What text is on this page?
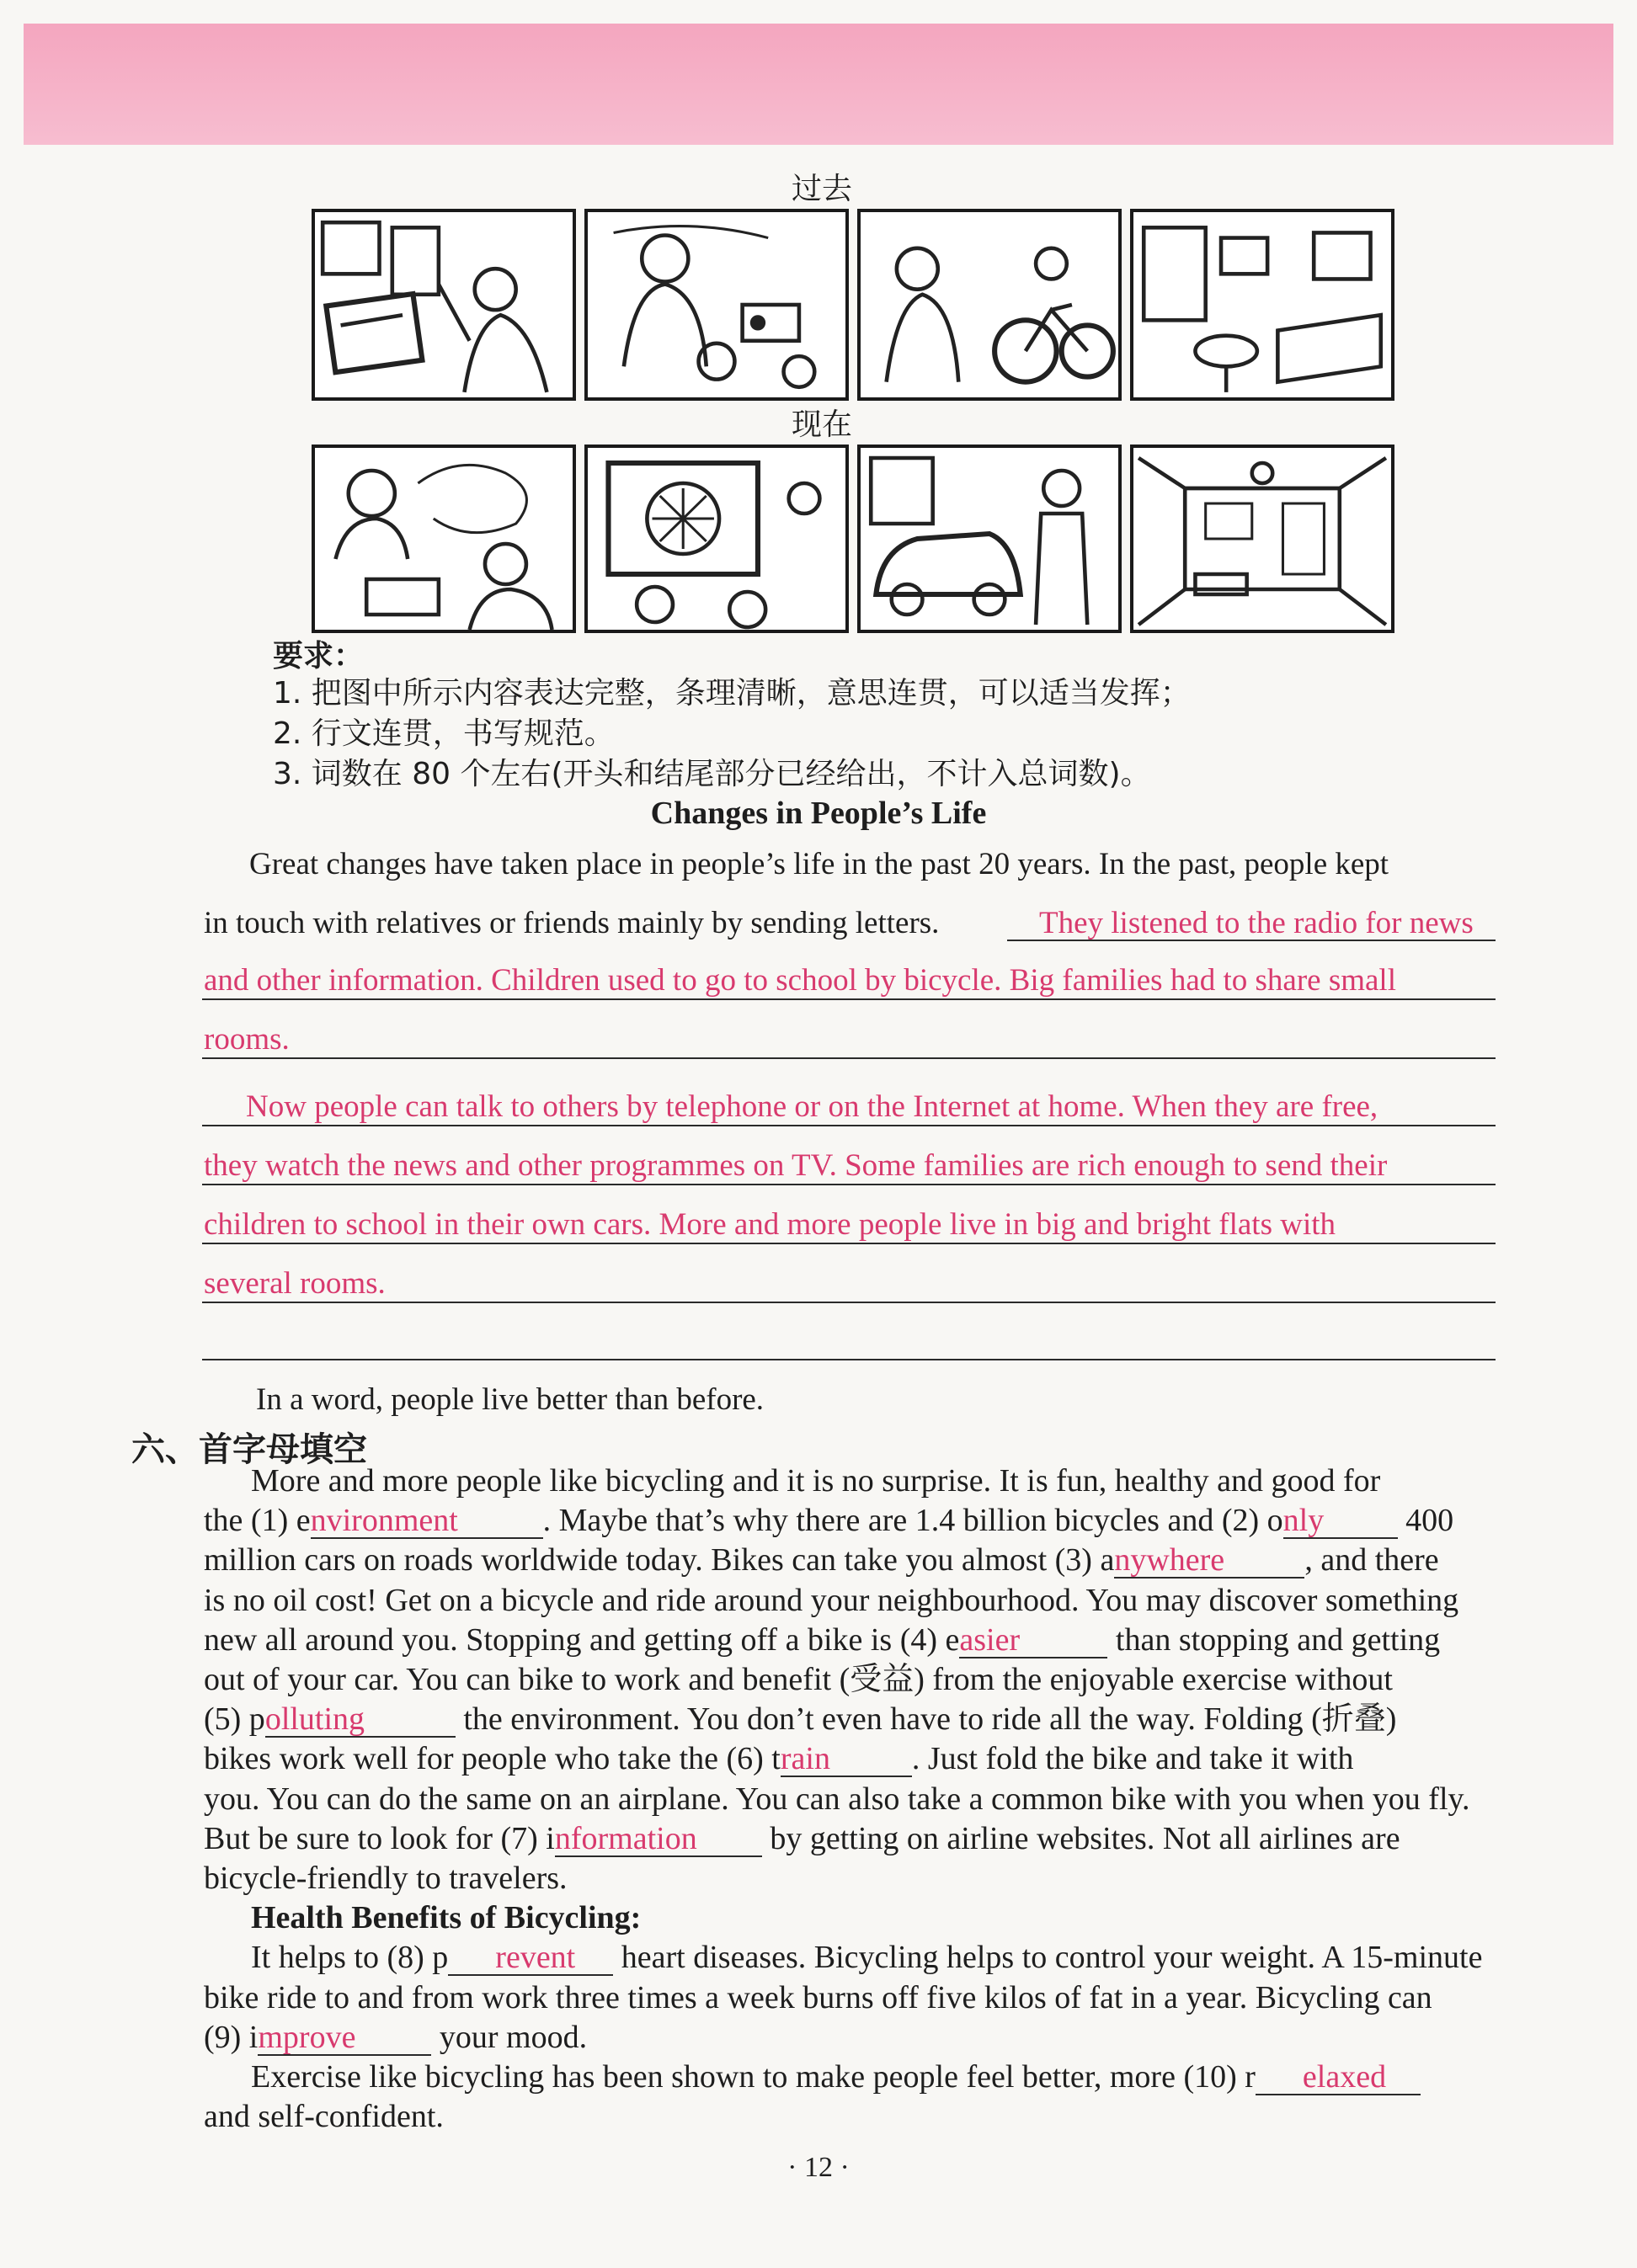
过去
现在
要求：
1. 把图中所示内容表达完整，条理清晰，意思连贯，可以适当发挥；
2. 行文连贯，书写规范。
3. 词数在 80 个左右(开头和结尾部分已经给出，不计入总词数)。
Changes in People’s Life
Great changes have taken place in people’s life in the past 20 years. In the past, people kept
in touch with relatives or friends mainly by sending letters.	They listened to the radio for news
and other information. Children used to go to school by bicycle. Big families had to share small
rooms.
Now people can talk to others by telephone or on the Internet at home. When they are free,
they watch the news and other programmes on TV. Some families are rich enough to send their
children to school in their own cars. More and more people live in big and bright flats with
several rooms.
In a word, people live better than before.
六、首字母填空

More and more people like bicycling and it is no surprise. It is fun, healthy and good for

the (1) environment	. Maybe that’s why there are 1.4 billion bicycles and (2) only 400

million cars on roads worldwide today. Bikes can take you almost (3) anywhere	, and there

is no oil cost! Get on a bicycle and ride around your neighbourhood. You may discover something

new all around you. Stopping and getting off a bike is (4) easier	than stopping and getting

out of your car. You can bike to work and benefit (受益) from the enjoyable exercise without

(5) polluting	the environment. You don’t even have to ride all the way. Folding (折叠)

bikes work well for people who take the (6) train	. Just fold the bike and take it with

you. You can do the same on an airplane. You can also take a common bike with you when you fly.

But be sure to look for (7) information by getting on airline websites. Not all airlines are

bicycle-friendly to travelers.

Health Benefits of Bicycling:

It helps to (8) p revent heart diseases. Bicycling helps to control your weight. A 15-minute

bike ride to and from work three times a week burns off five kilos of fat in a year. Bicycling can

(9) improve your mood.

Exercise like bicycling has been shown to make people feel better, more (10) r elaxed

and self-confident.

· 12 ·
